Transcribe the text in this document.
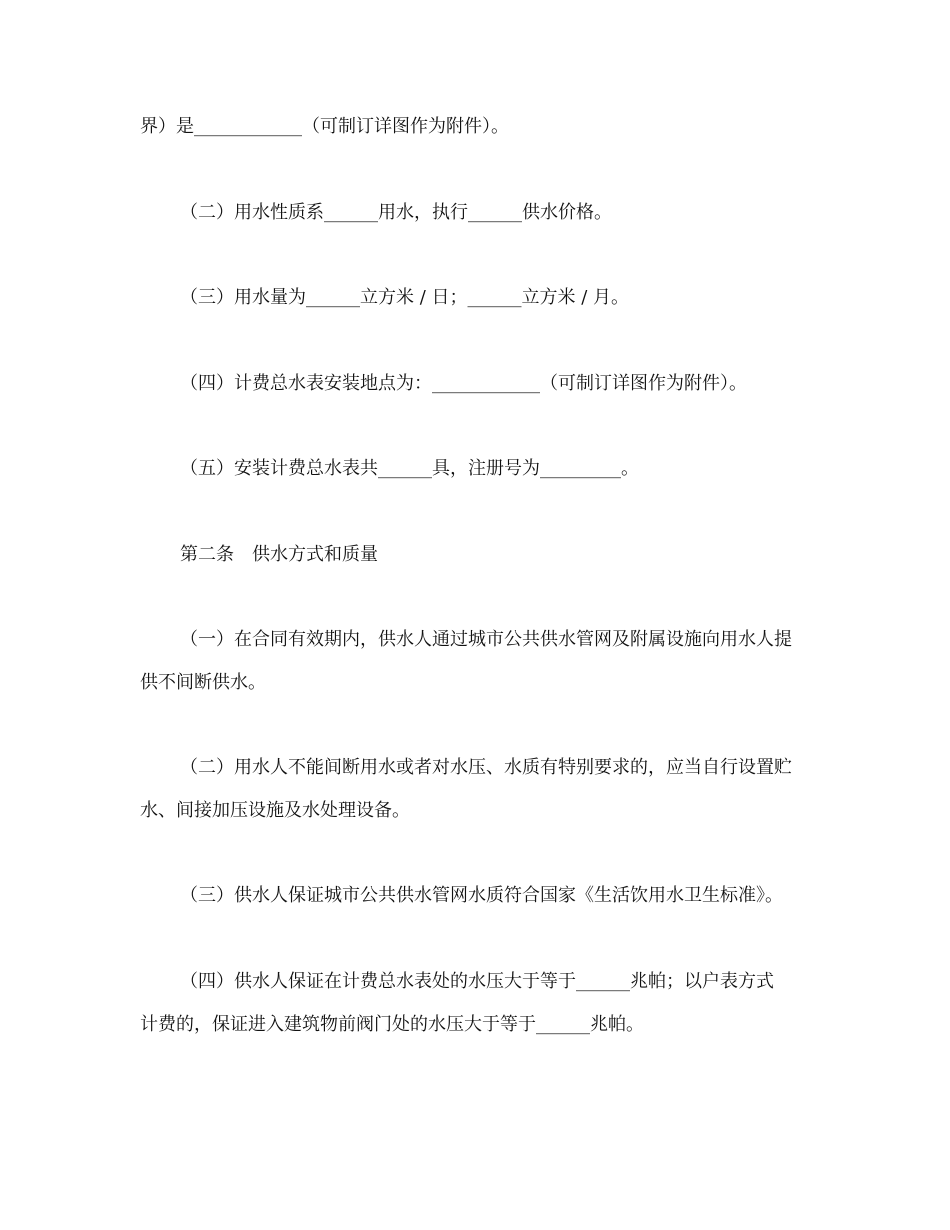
界）是____________（可制订详图作为附件）。
（二）用水性质系______用水，执行______供水价格。
（三）用水量为______立方米 / 日；______立方米 / 月。
（四）计费总水表安装地点为：____________（可制订详图作为附件）。
（五）安装计费总水表共______具，注册号为_________。
第二条　供水方式和质量
（一）在合同有效期内，供水人通过城市公共供水管网及附属设施向用水人提
供不间断供水。
（二）用水人不能间断用水或者对水压、水质有特别要求的，应当自行设置贮
水、间接加压设施及水处理设备。
（三）供水人保证城市公共供水管网水质符合国家《生活饮用水卫生标准》。
（四）供水人保证在计费总水表处的水压大于等于______兆帕；以户表方式
计费的，保证进入建筑物前阀门处的水压大于等于______兆帕。
